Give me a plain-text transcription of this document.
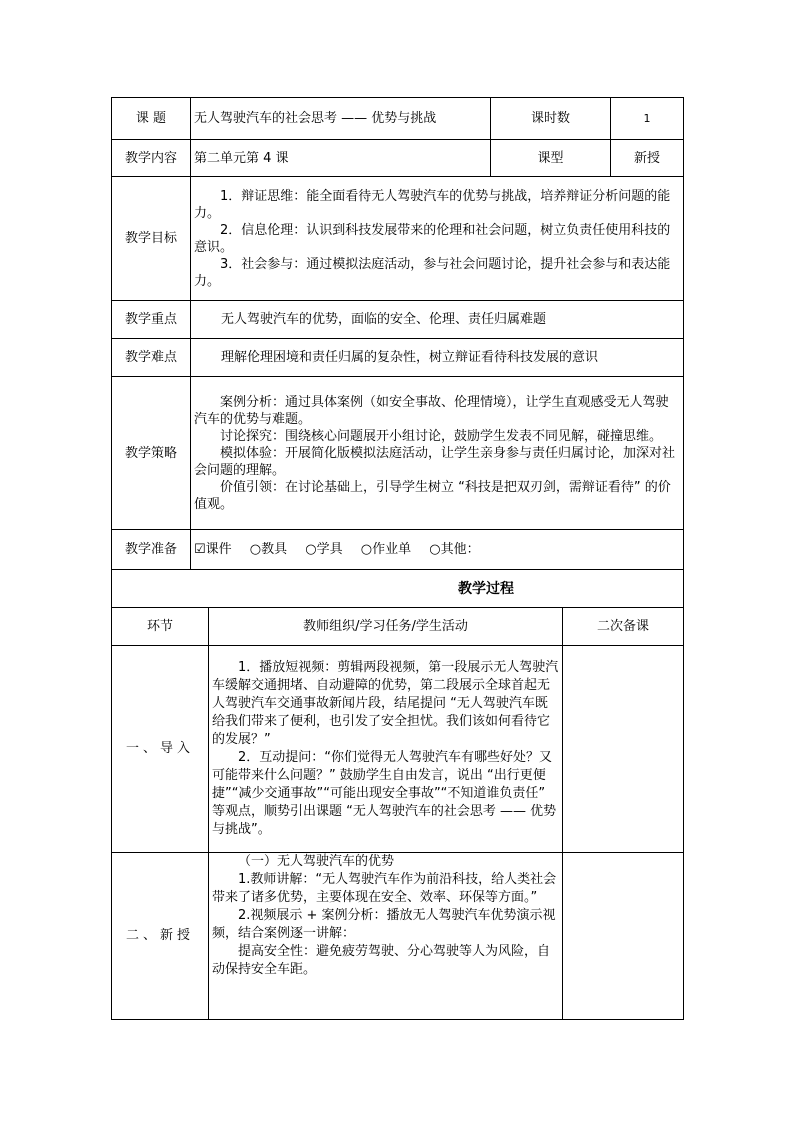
课 题	无人驾驶汽车的社会思考 —— 优势与挑战	课时数	1
教学内容	第二单元第 4 课	课型	新授
教学目标	1．辩证思维：能全面看待无人驾驶汽车的优势与挑战，培养辩证分析问题的能力。

2．信息伦理：认识到科技发展带来的伦理和社会问题，树立负责任使用科技的意识。

3．社会参与：通过模拟法庭活动，参与社会问题讨论，提升社会参与和表达能力。		

教学重点	无人驾驶汽车的优势，面临的安全、伦理、责任归属难题		
教学难点	理解伦理困境和责任归属的复杂性，树立辩证看待科技发展的意识		
教学策略	案例分析：通过具体案例（如安全事故、伦理情境），让学生直观感受无人驾驶汽车的优势与难题。

讨论探究：围绕核心问题展开小组讨论，鼓励学生发表不同见解，碰撞思维。

模拟体验：开展简化版模拟法庭活动，让学生亲身参与责任归属讨论，加深对社会问题的理解。

价值引领：在讨论基础上，引导学生树立 “科技是把双刃剑，需辩证看待” 的价值观。		

教学准备	☑课件 ○教具 ○学具 ○作业单 ○其他：		
教学过程		
环节	教师组织/学习任务/学生活动	二次备课
一、导入	1．播放短视频：剪辑两段视频，第一段展示无人驾驶汽车缓解交通拥堵、自动避障的优势，第二段展示全球首起无人驾驶汽车交通事故新闻片段，结尾提问 “无人驾驶汽车既给我们带来了便利，也引发了安全担忧。我们该如何看待它的发展？”

2．互动提问：“你们觉得无人驾驶汽车有哪些好处？又可能带来什么问题？” 鼓励学生自由发言，说出 “出行更便捷”“减少交通事故”“可能出现安全事故”“不知道谁负责任” 等观点，顺势引出课题 “无人驾驶汽车的社会思考 —— 优势与挑战”。	

二、新授	（一）无人驾驶汽车的优势

1.教师讲解：“无人驾驶汽车作为前沿科技，给人类社会带来了诸多优势，主要体现在安全、效率、环保等方面。”

2.视频展示 + 案例分析：播放无人驾驶汽车优势演示视频，结合案例逐一讲解：

提高安全性：避免疲劳驾驶、分心驾驶等人为风险，自动保持安全车距。	
